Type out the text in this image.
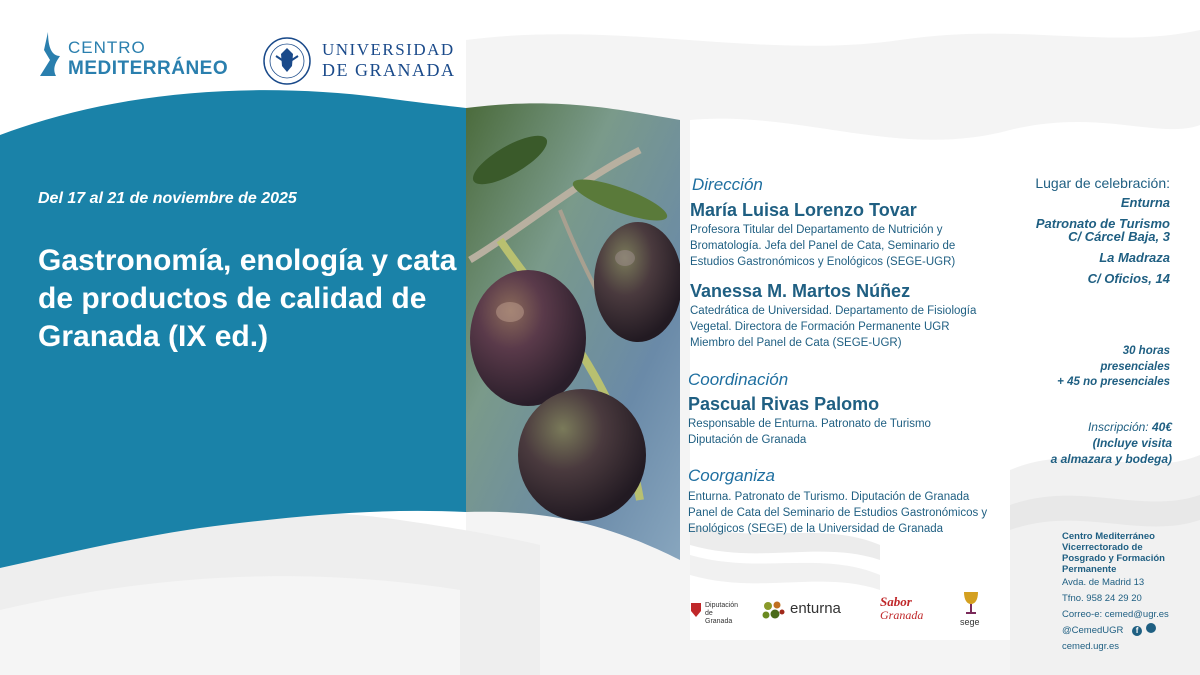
CENTRO
MEDITERRÁNEO
UNIVERSIDAD
DE GRANADA
Del 17 al 21 de noviembre de 2025
Gastronomía, enología y cata de productos de calidad de Granada (IX ed.)
Dirección
María Luisa Lorenzo Tovar
Profesora Titular del Departamento de Nutrición y Bromatología. Jefa del Panel de Cata, Seminario de Estudios Gastronómicos y Enológicos (SEGE-UGR)
Vanessa M. Martos Núñez
Catedrática de Universidad. Departamento de Fisiología Vegetal. Directora de Formación Permanente UGR
Miembro del Panel de Cata (SEGE-UGR)
Coordinación
Pascual Rivas Palomo
Responsable de Enturna. Patronato de Turismo Diputación de Granada
Coorganiza
Enturna. Patronato de Turismo. Diputación de Granada
Panel de Cata del Seminario de Estudios Gastronómicos y Enológicos (SEGE) de la Universidad de Granada
Lugar de celebración:
Enturna
Patronato de Turismo
C/ Cárcel Baja, 3
La Madraza
C/ Oficios, 14
30 horas
presenciales
+ 45 no presenciales
Inscripción: 40€
(Incluye visita
a almazara y bodega)
Centro Mediterráneo
Vicerrectorado de
Posgrado y Formación
Permanente
Avda. de Madrid 13
Tfno. 958 24 29 20
Correo-e: cemed@ugr.es
@CemedUGR f
cemed.ugr.es
Diputación
de Granada
enturna	Sabor
Granada	sege
